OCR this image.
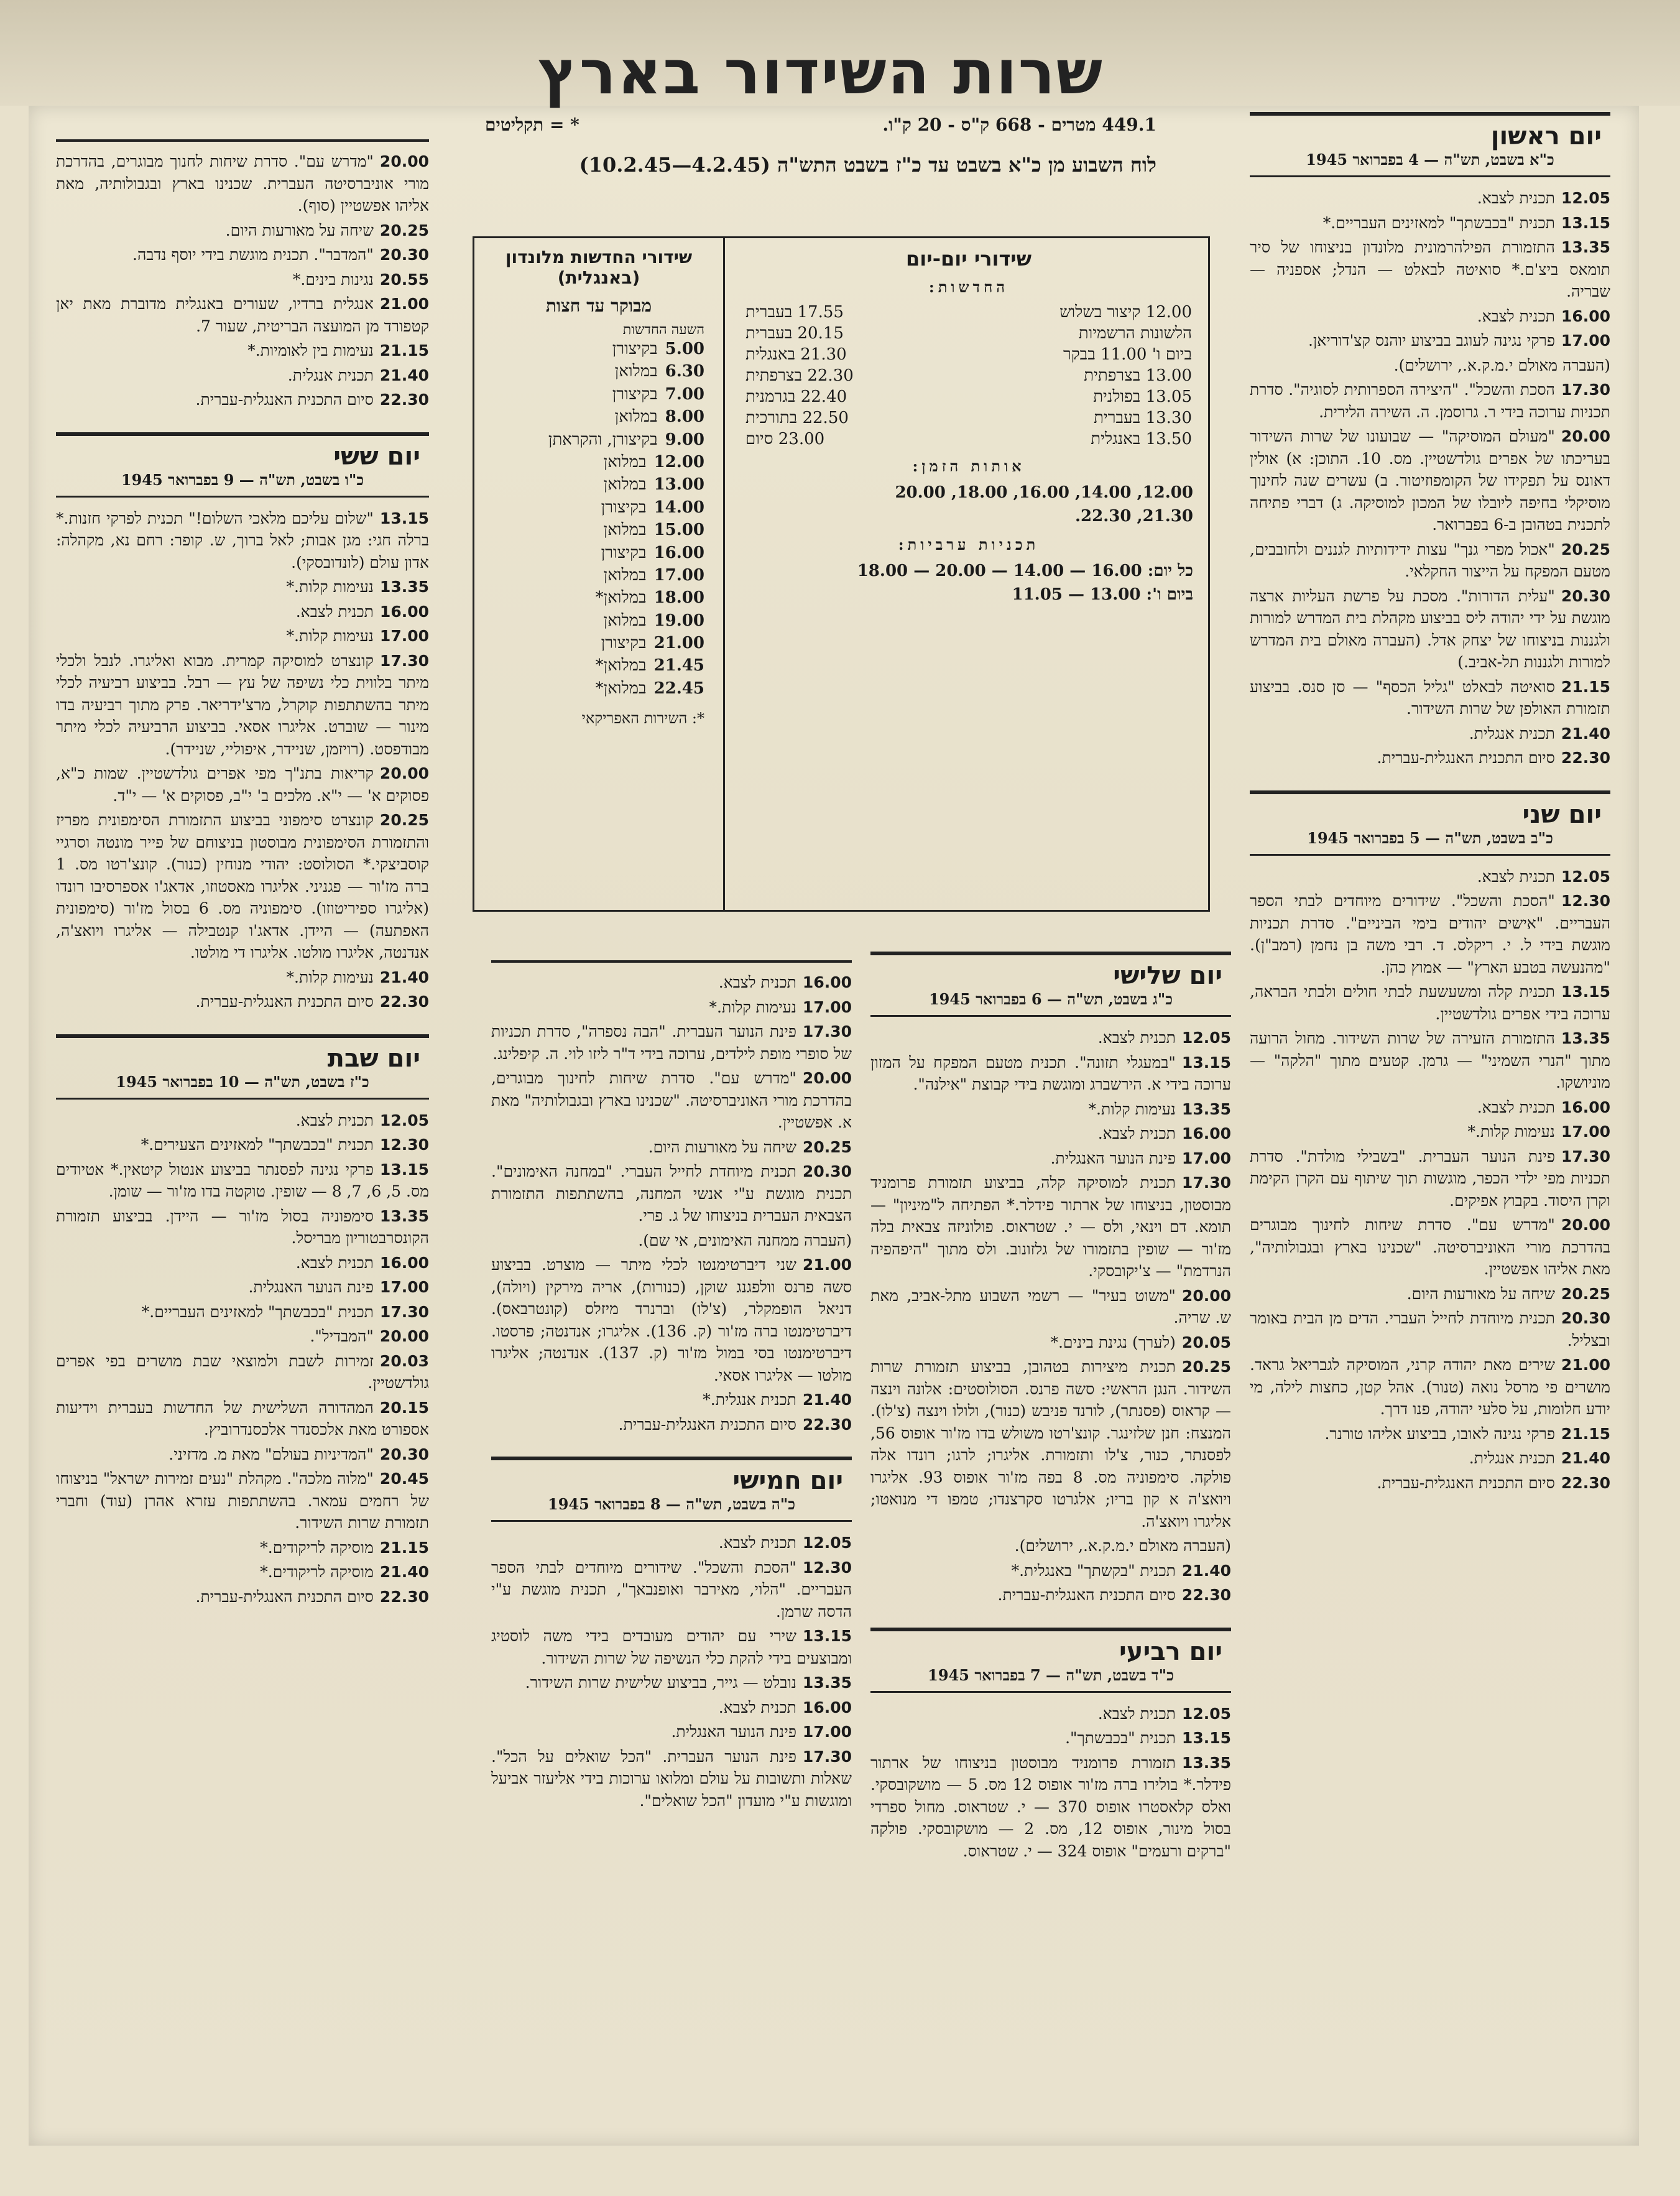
שרות השידור בארץ
449.1 מטרים - 668 ק"ס - 20 ק"ו.
* = תקליטים
לוח השבוע מן כ"א בשבט עד כ"ז בשבט התש"ה (4.2.45—10.2.45)
שידורי יום-יום
החדשות:
12.00 קיצור בשלוש
17.55 בעברית
הלשונות הרשמיות
20.15 בעברית
ביום ו' 11.00 בבקר
21.30 באנגלית
13.00 בצרפתית
22.30 בצרפתית
13.05 בפולנית
22.40 בגרמנית
13.30 בעברית
22.50 בתורכית
13.50 באנגלית
23.00 סיום
אותות הזמן:
12.00, 14.00, 16.00, 18.00, 20.00
21.30, 22.30.
תכניות ערביות:
כל יום: 16.00 — 14.00 — 20.00 — 18.00
ביום ו': 13.00 — 11.05
שידורי החדשות מלונדון (באנגלית)
מבוקר עד חצות
השעה החדשות
5.00
בקיצורן
6.30
במלואן
7.00
בקיצורן
8.00
במלואן
9.00
בקיצורן, והקראתן
12.00
במלואן
13.00
במלואן
14.00
בקיצורן
15.00
במלואן
16.00
בקיצורן
17.00
במלואן
18.00
במלואן*
19.00
במלואן
21.00
בקיצורן
21.45
במלואן*
22.45
במלואן*
*: השירות האפריקאי
יום ראשון
כ"א בשבט, תש"ה — 4 בפברואר 1945

12.05תכנית לצבא.

13.15תכנית "בכבשתך" למאזינים העבריים.*

13.35התזמורת הפילהרמונית מלונדון בניצוחו של סיר תומאס ביצ'ם.* סואיטה לבאלט — הנדל; אספניה — שבריה.

16.00תכנית לצבא.

17.00פרקי נגינה לעוגב בביצוע יוהנס קצ'דוריאן.

(העברה מאולם י.מ.ק.א., ירושלים).

17.30הסכת והשכל". "היצירה הספרותית לסוגיה". סדרת תכניות ערוכה בידי ר. גרוסמן. ה. השירה הלירית.

20.00"מעולם המוסיקה" — שבועונו של שרות השידור בעריכתו של אפרים גולדשטיין. מס. 10. התוכן: א) אולין דאונס על תפקידו של הקומפוזיטור. ב) עשרים שנה לחינוך מוסיקלי בחיפה ליובלו של המכון למוסיקה. ג) דברי פתיחה לתכנית בטהובן ב-6 בפברואר.

20.25"אכול מפרי גנך" עצות ידידותיות לגננים ולחובבים, מטעם המפקח על הייצור החקלאי.

20.30"עלית הדורות". מסכת על פרשת העליות ארצה מוגשת על ידי יהודה ליס בביצוע מקהלת בית המדרש למורות ולגננות בניצוחו של יצחק אדל. (העברה מאולם בית המדרש למורות ולגננות תל-אביב.)

21.15סואיטה לבאלט "גליל הכסף" — סן סנס. בביצוע תזמורת האולפן של שרות השידור.

21.40תכנית אנגלית.

22.30סיום התכנית האנגלית-עברית.

יום שני
כ"ב בשבט, תש"ה — 5 בפברואר 1945

12.05תכנית לצבא.

12.30"הסכת והשכל". שידורים מיוחדים לבתי הספר העבריים. "אישים יהודים בימי הביניים". סדרת תכניות מוגשת בידי ל. י. ריקלס. ד. רבי משה בן נחמן (רמב"ן). "מהנעשה בטבע הארץ" — אמוץ כהן.

13.15תכנית קלה ומשעשעת לבתי חולים ולבתי הבראה, ערוכה בידי אפרים גולדשטיין.

13.35התזמורת הזעירה של שרות השידור. מחול הרועה מתוך "הנרי השמיני" — גרמן. קטעים מתוך "הלקה" — מוניושקו.

16.00תכנית לצבא.

17.00נעימות קלות.*

17.30פינת הנוער העברית. "בשבילי מולדת". סדרת תכניות מפי ילדי הכפר, מוגשות תוך שיתוף עם הקרן הקימת וקרן היסוד. בקבוץ אפיקים.

20.00"מדרש עם". סדרת שיחות לחינוך מבוגרים בהדרכת מורי האוניברסיטה. "שכנינו בארץ ובגבולותיה", מאת אליהו אפשטיין.

20.25שיחה על מאורעות היום.

20.30תכנית מיוחדת לחייל העברי. הדים מן הבית באומר ובצליל.

21.00שירים מאת יהודה קרני, המוסיקה לגבריאל גראד. מושרים פי מרסל נואה (טנור). אהל קטן, כחצות לילה, מי יודע חלומות, על סלעי יהודה, פנו דרך.

21.15פרקי נגינה לאובו, בביצוע אליהו טורנר.

21.40תכנית אנגלית.

22.30סיום התכנית האנגלית-עברית.

יום שלישי
כ"ג בשבט, תש"ה — 6 בפברואר 1945

12.05תכנית לצבא.

13.15"במעגלי תזונה". תכנית מטעם המפקח על המזון ערוכה בידי א. הירשברג ומוגשת בידי קבוצת "אילנה".

13.35נעימות קלות.*

16.00תכנית לצבא.

17.00פינת הנוער האנגלית.

17.30תכנית למוסיקה קלה, בביצוע תזמורת פרומניד מבוסטון, בניצוחו של ארתור פידלר.* הפתיחה ל"מיניון" — תומא. דם וינאי, ולס — י. שטראוס. פולוניזה צבאית בלה מז'ור — שופין בתזמורו של גלזונוב. ולס מתוך "היפהפיה הנרדמת" — צ'יקובסקי.

20.00"משוט בעיר" — רשמי השבוע מתל-אביב, מאת ש. שריה.

20.05(לערך) נגינת בינים.*

20.25תכנית מיצירות בטהובן, בביצוע תזמורת שרות השידור. הנגן הראשי: סשה פרנס. הסולוסטים: אלונה וינצה — קראוס (פסנתר), לורנד פניבש (כנור), ולולו וינצה (צ'לו). המנצח: חנן שלזינגר. קונצ'רטו משולש בדו מז'ור אופוס 56, לפסנתר, כנור, צ'לו ותזמורת. אליגרו; לרגו; רונדו אלה פולקה. סימפוניה מס. 8 בפה מז'ור אופוס 93. אליגרו ויואצ'ה א קון בריו; אלגרטו סקרצנדו; טמפו די מנואטו; אליגרו ויואצ'ה.

(העברה מאולם י.מ.ק.א., ירושלים).

21.40תכנית "בקשתך" באנגלית.*

22.30סיום התכנית האנגלית-עברית.

יום רביעי
כ"ד בשבט, תש"ה — 7 בפברואר 1945

12.05תכנית לצבא.

13.15תכנית "בכבשתך".

13.35תזמורת פרומניד מבוסטון בניצוחו של ארתור פידלר.* בולירו ברה מז'ור אופוס 12 מס. 5 — מושקובסקי. ואלס קלאסטרו אופוס 370 — י. שטראוס. מחול ספרדי בסול מינור, אופוס 12, מס. 2 — מושקובסקי. פולקה "ברקים ורעמים" אופוס 324 — י. שטראוס.

16.00תכנית לצבא.

17.00נעימות קלות.*

17.30פינת הנוער העברית. "הבה נספרה", סדרת תכניות של סופרי מופת לילדים, ערוכה בידי ד"ר ליזו לוי. ה. קיפלינג.

20.00"מדרש עם". סדרת שיחות לחינוך מבוגרים, בהדרכת מורי האוניברסיטה. "שכנינו בארץ ובגבולותיה" מאת א. אפשטיין.

20.25שיחה על מאורעות היום.

20.30תכנית מיוחדת לחייל העברי. "במחנה האימונים". תכנית מוגשת ע"י אנשי המחנה, בהשתתפות התזמורת הצבאית העברית בניצוחו של ג. פרי.

(העברה ממחנה האימונים, אי שם).

21.00שני דיברטימנטו לכלי מיתר — מוצרט. בביצוע סשה פרנס וולפגנג שוקן, (כנורות), אריה מירקין (ויולה), דניאל הופמקלר, (צ'לו) וברנרד מיזלס (קונטרבאס). דיברטימנטו ברה מז'ור (ק. 136). אליגרו; אנדנטה; פרסטו. דיברטימנטו בסי במול מז'ור (ק. 137). אנדנטה; אליגרו מולטו — אליגרו אסאי.

21.40תכנית אנגלית.*

22.30סיום התכנית האנגלית-עברית.

יום חמישי
כ"ה בשבט, תש"ה — 8 בפברואר 1945

12.05תכנית לצבא.

12.30"הסכת והשכל". שידורים מיוחדים לבתי הספר העבריים. "הלוי, מאירבר ואופנבאך", תכנית מוגשת ע"י הדסה שרמן.

13.15שירי עם יהודים מעובדים בידי משה לוסטיג ומבוצעים בידי להקת כלי הנשיפה של שרות השידור.

13.35נובלט — גייר, בביצוע שלישית שרות השידור.

16.00תכנית לצבא.

17.00פינת הנוער האנגלית.

17.30פינת הנוער העברית. "הכל שואלים על הכל". שאלות ותשובות על עולם ומלואו ערוכות בידי אליעזר אביעל ומוגשות ע"י מועדון "הכל שואלים".

20.00"מדרש עם". סדרת שיחות לחנוך מבוגרים, בהדרכת מורי אוניברסיטה העברית. שכנינו בארץ ובגבולותיה, מאת אליהו אפשטיין (סוף).

20.25שיחה על מאורעות היום.

20.30"המדבר". תכנית מוגשת בידי יוסף נדבה.

20.55נגינות בינים.*

21.00אנגלית ברדיו, שעורים באנגלית מדוברת מאת יאן קטפורד מן המועצה הבריטית, שעור 7.

21.15נעימות בין לאומיות.*

21.40תכנית אנגלית.

22.30סיום התכנית האנגלית-עברית.

יום ששי
כ"ו בשבט, תש"ה — 9 בפברואר 1945

13.15"שלום עליכם מלאכי השלום!" תכנית לפרקי חזנות.* ברלה חגי: מגן אבות; לאל ברוך, ש. קופר: רחם נא, מקהלה: אדון עולם (לונדובסקי).

13.35נעימות קלות.*

16.00תכנית לצבא.

17.00נעימות קלות.*

17.30קונצרט למוסיקה קמרית. מבוא ואליגרו. לנבל ולכלי מיתר בלווית כלי נשיפה של עץ — רבל. בביצוע רביעיה לכלי מיתר בהשתתפות קוקרל, מרצ'ידריאר. פרק מתוך רביעיה בדו מינור — שוברט. אליגרו אסאי. בביצוע הרביעיה לכלי מיתר מבודפסט. (רויזמן, שניידר, איפוליי, שניידר).

20.00קריאות בתנ"ך מפי אפרים גולדשטיין. שמות כ"א, פסוקים א' — י"א. מלכים ב' י"ב, פסוקים א' — י"ד.

20.25קונצרט סימפוני בביצוע התזמורת הסימפונית מפריז והתזמורת הסימפונית מבוסטון בניצוחם של פייר מונטה וסרגיי קוסביצקי.* הסולוסט: יהודי מנוחין (כנור). קונצ'רטו מס. 1 ברה מז'ור — פגניני. אליגרו מאסטוזו, אדאג'ו אספרסיבו רונדו (אליגרו ספיריטוזו). סימפוניה מס. 6 בסול מז'ור (סימפונית האפתעה) — היידן. אדאג'ו קנטבילה — אליגרו ויואצ'ה, אנדנטה, אליגרו מולטו. אליגרו די מולטו.

21.40נעימות קלות.*

22.30סיום התכנית האנגלית-עברית.

יום שבת
כ"ז בשבט, תש"ה — 10 בפברואר 1945

12.05תכנית לצבא.

12.30תכנית "בכבשתך" למאזינים הצעירים.*

13.15פרקי נגינה לפסנתר בביצוע אנטול קיטאין.* אטיודים מס. 5, 6, 7, 8 — שופין. טוקטה בדו מז'ור — שומן.

13.35סימפוניה בסול מז'ור — היידן. בביצוע תזמורת הקונסרבטוריון מבריסל.

16.00תכנית לצבא.

17.00פינת הנוער האנגלית.

17.30תכנית "בכבשתך" למאזינים העבריים.*

20.00"המבדיל".

20.03זמירות לשבת ולמוצאי שבת מושרים בפי אפרים גולדשטיין.

20.15המהדורה השלישית של החדשות בעברית וידיעות אספורט מאת אלכסנדר אלכסנדרוביץ.

20.30"המדיניות בעולם" מאת מ. מדזיני.

20.45"מלוה מלכה". מקהלת "נעים זמירות ישראל" בניצוחו של רחמים עמאר. בהשתתפות עזרא אהרן (עוד) וחברי תזמורת שרות השידור.

21.15מוסיקה לריקודים.*

21.40מוסיקה לריקודים.*

22.30סיום התכנית האנגלית-עברית.
